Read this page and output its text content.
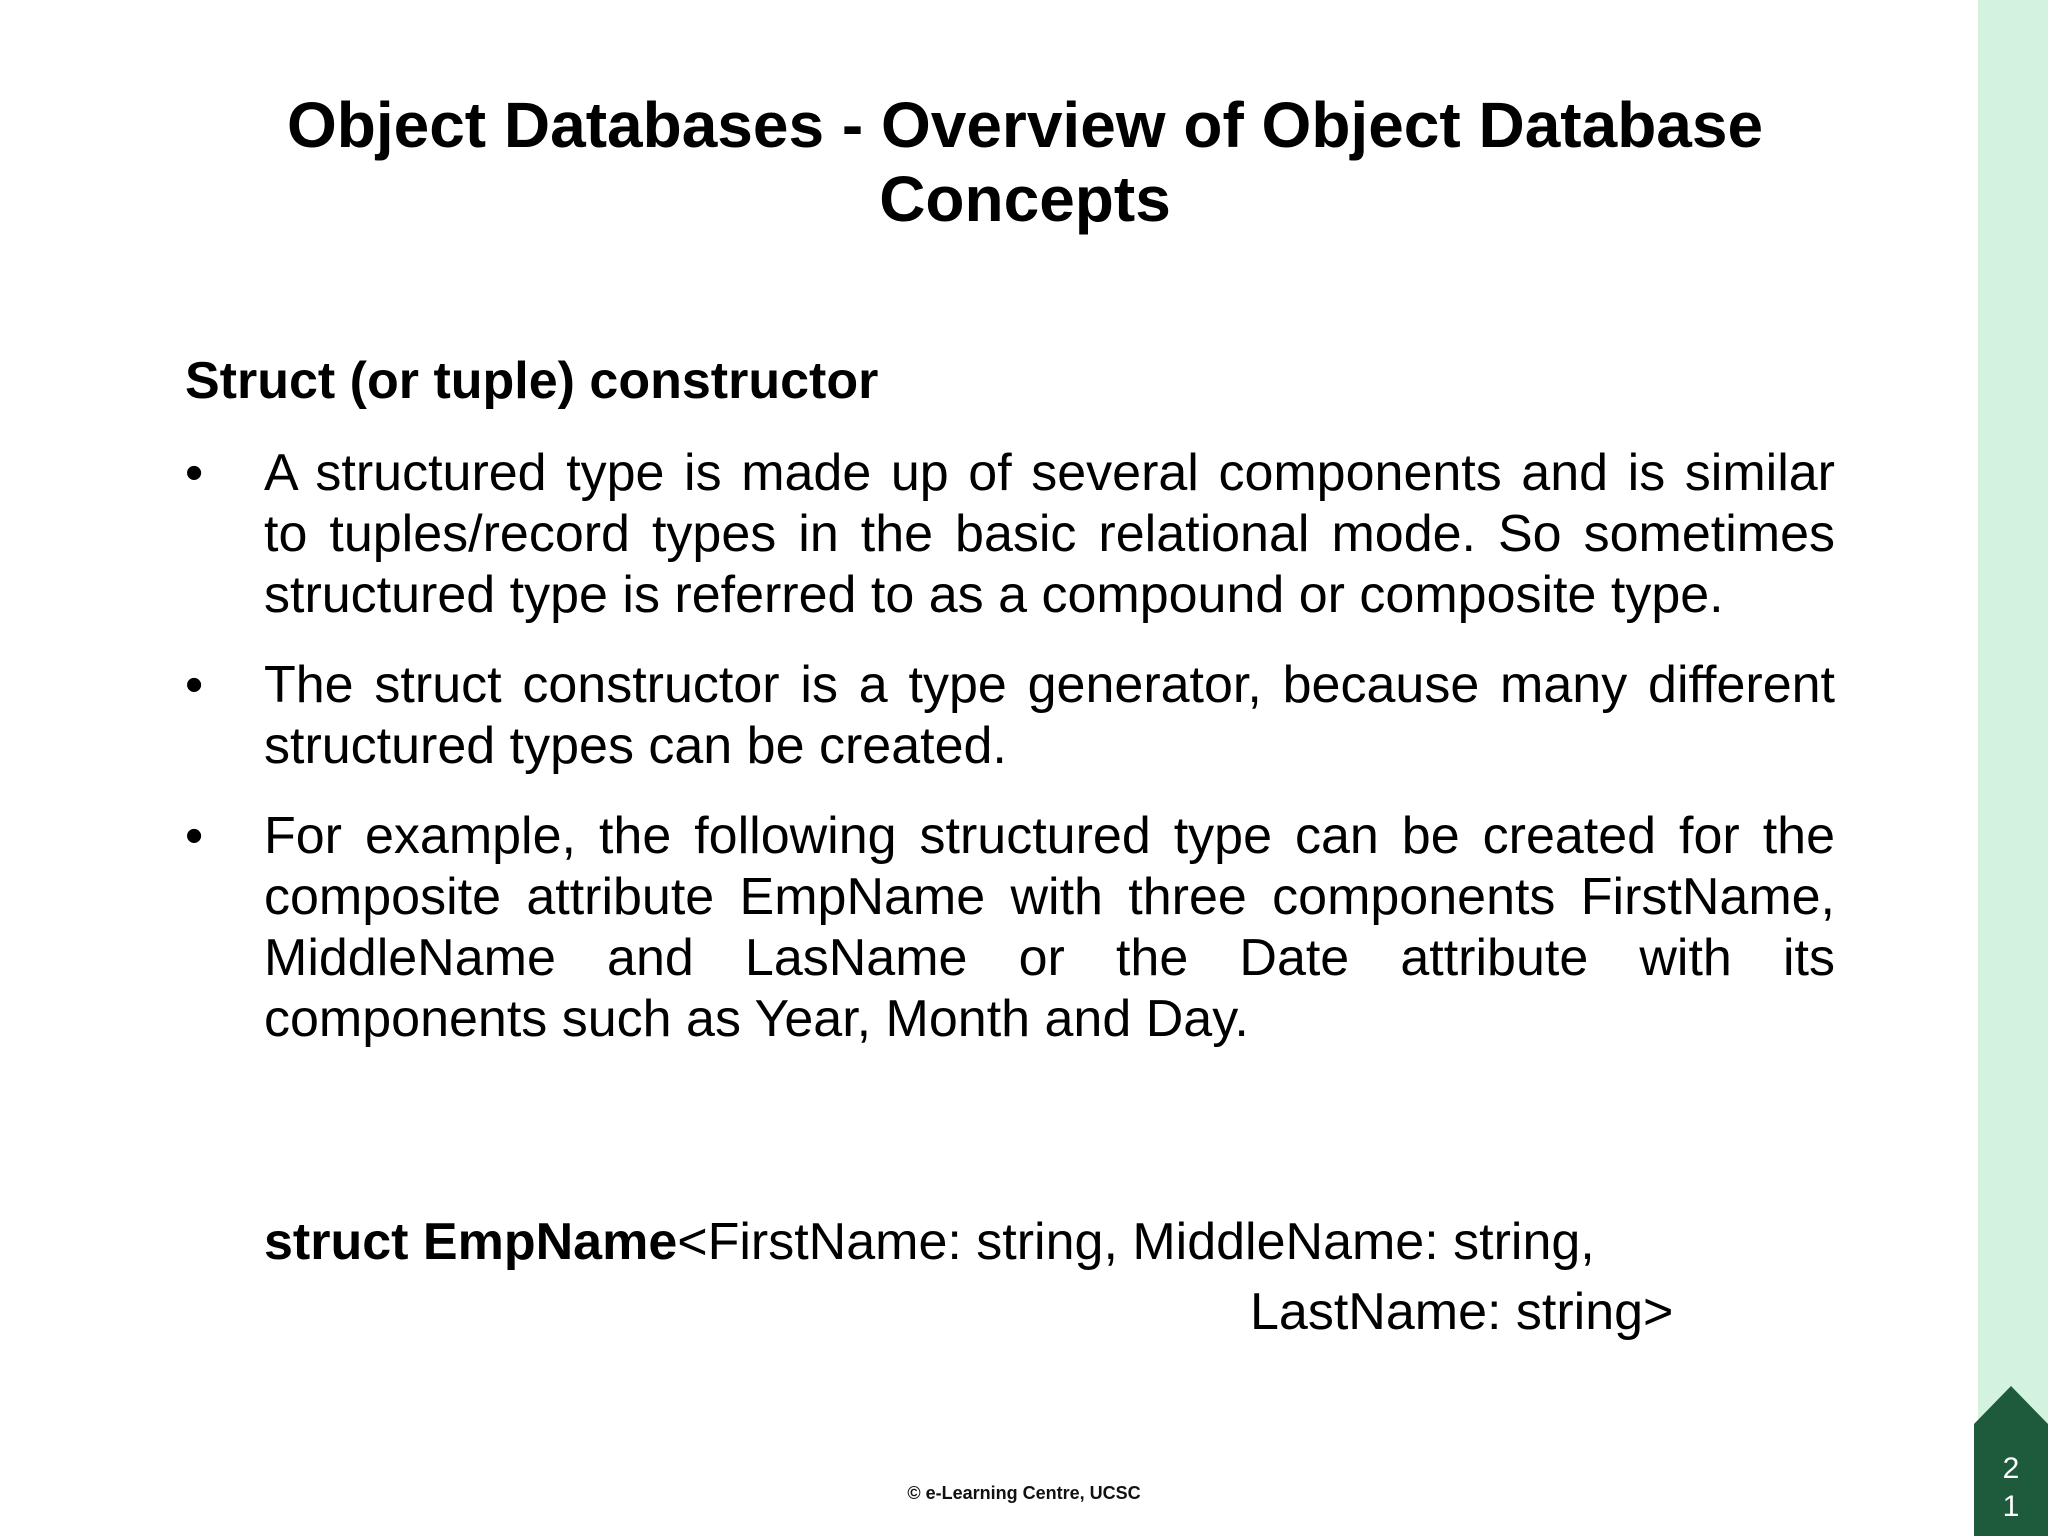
Object Databases - Overview of Object Database Concepts
Struct (or tuple) constructor
•	A structured type is made up of several components and is similar to tuples/record types in the basic relational mode. So sometimes structured type is referred to as a compound or composite type.
•	The struct constructor is a type generator, because many different structured types can be created.
•	For example, the following structured type can be created for the composite attribute EmpName with three components FirstName, MiddleName and LasName or the Date attribute with its components such as Year, Month and Day.
struct EmpName<FirstName: string, MiddleName: string,
LastName: string>
© e-Learning Centre, UCSC
2
1
